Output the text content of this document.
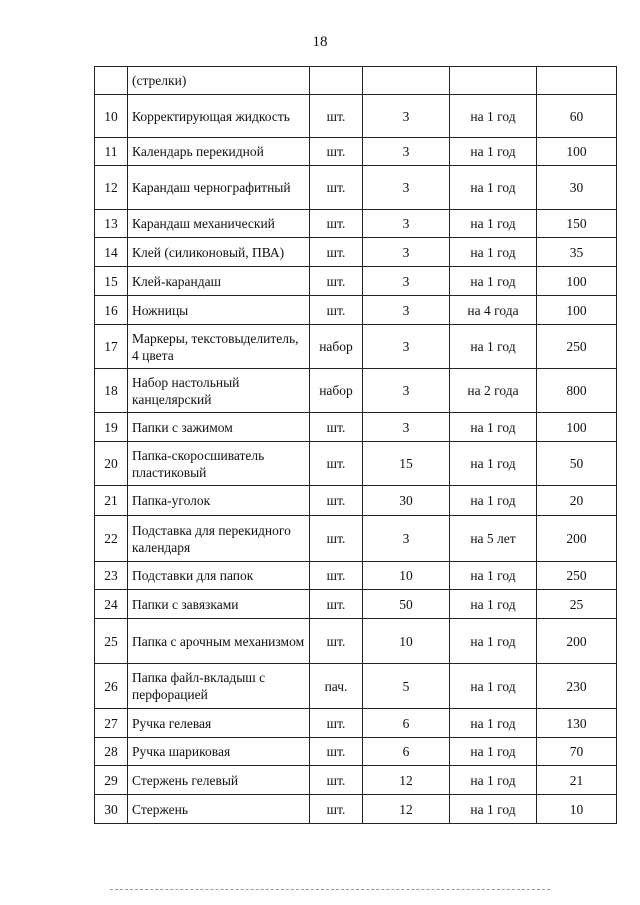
18
	(стрелки)				
10	Корректирующая жидкость	шт.	3	на 1 год	60
11	Календарь перекидной	шт.	3	на 1 год	100
12	Карандаш чернографитный	шт.	3	на 1 год	30
13	Карандаш механический	шт.	3	на 1 год	150
14	Клей (силиконовый, ПВА)	шт.	3	на 1 год	35
15	Клей-карандаш	шт.	3	на 1 год	100
16	Ножницы	шт.	3	на 4 года	100
17	Маркеры, текстовыделитель, 4 цвета	набор	3	на 1 год	250
18	Набор настольный канцелярский	набор	3	на 2 года	800
19	Папки с зажимом	шт.	3	на 1 год	100
20	Папка-скоросшиватель пластиковый	шт.	15	на 1 год	50
21	Папка-уголок	шт.	30	на 1 год	20
22	Подставка для перекидного календаря	шт.	3	на 5 лет	200
23	Подставки для папок	шт.	10	на 1 год	250
24	Папки с завязками	шт.	50	на 1 год	25
25	Папка с арочным механизмом	шт.	10	на 1 год	200
26	Папка файл-вкладыш с перфорацией	пач.	5	на 1 год	230
27	Ручка гелевая	шт.	6	на 1 год	130
28	Ручка шариковая	шт.	6	на 1 год	70
29	Стержень гелевый	шт.	12	на 1 год	21
30	Стержень	шт.	12	на 1 год	10
